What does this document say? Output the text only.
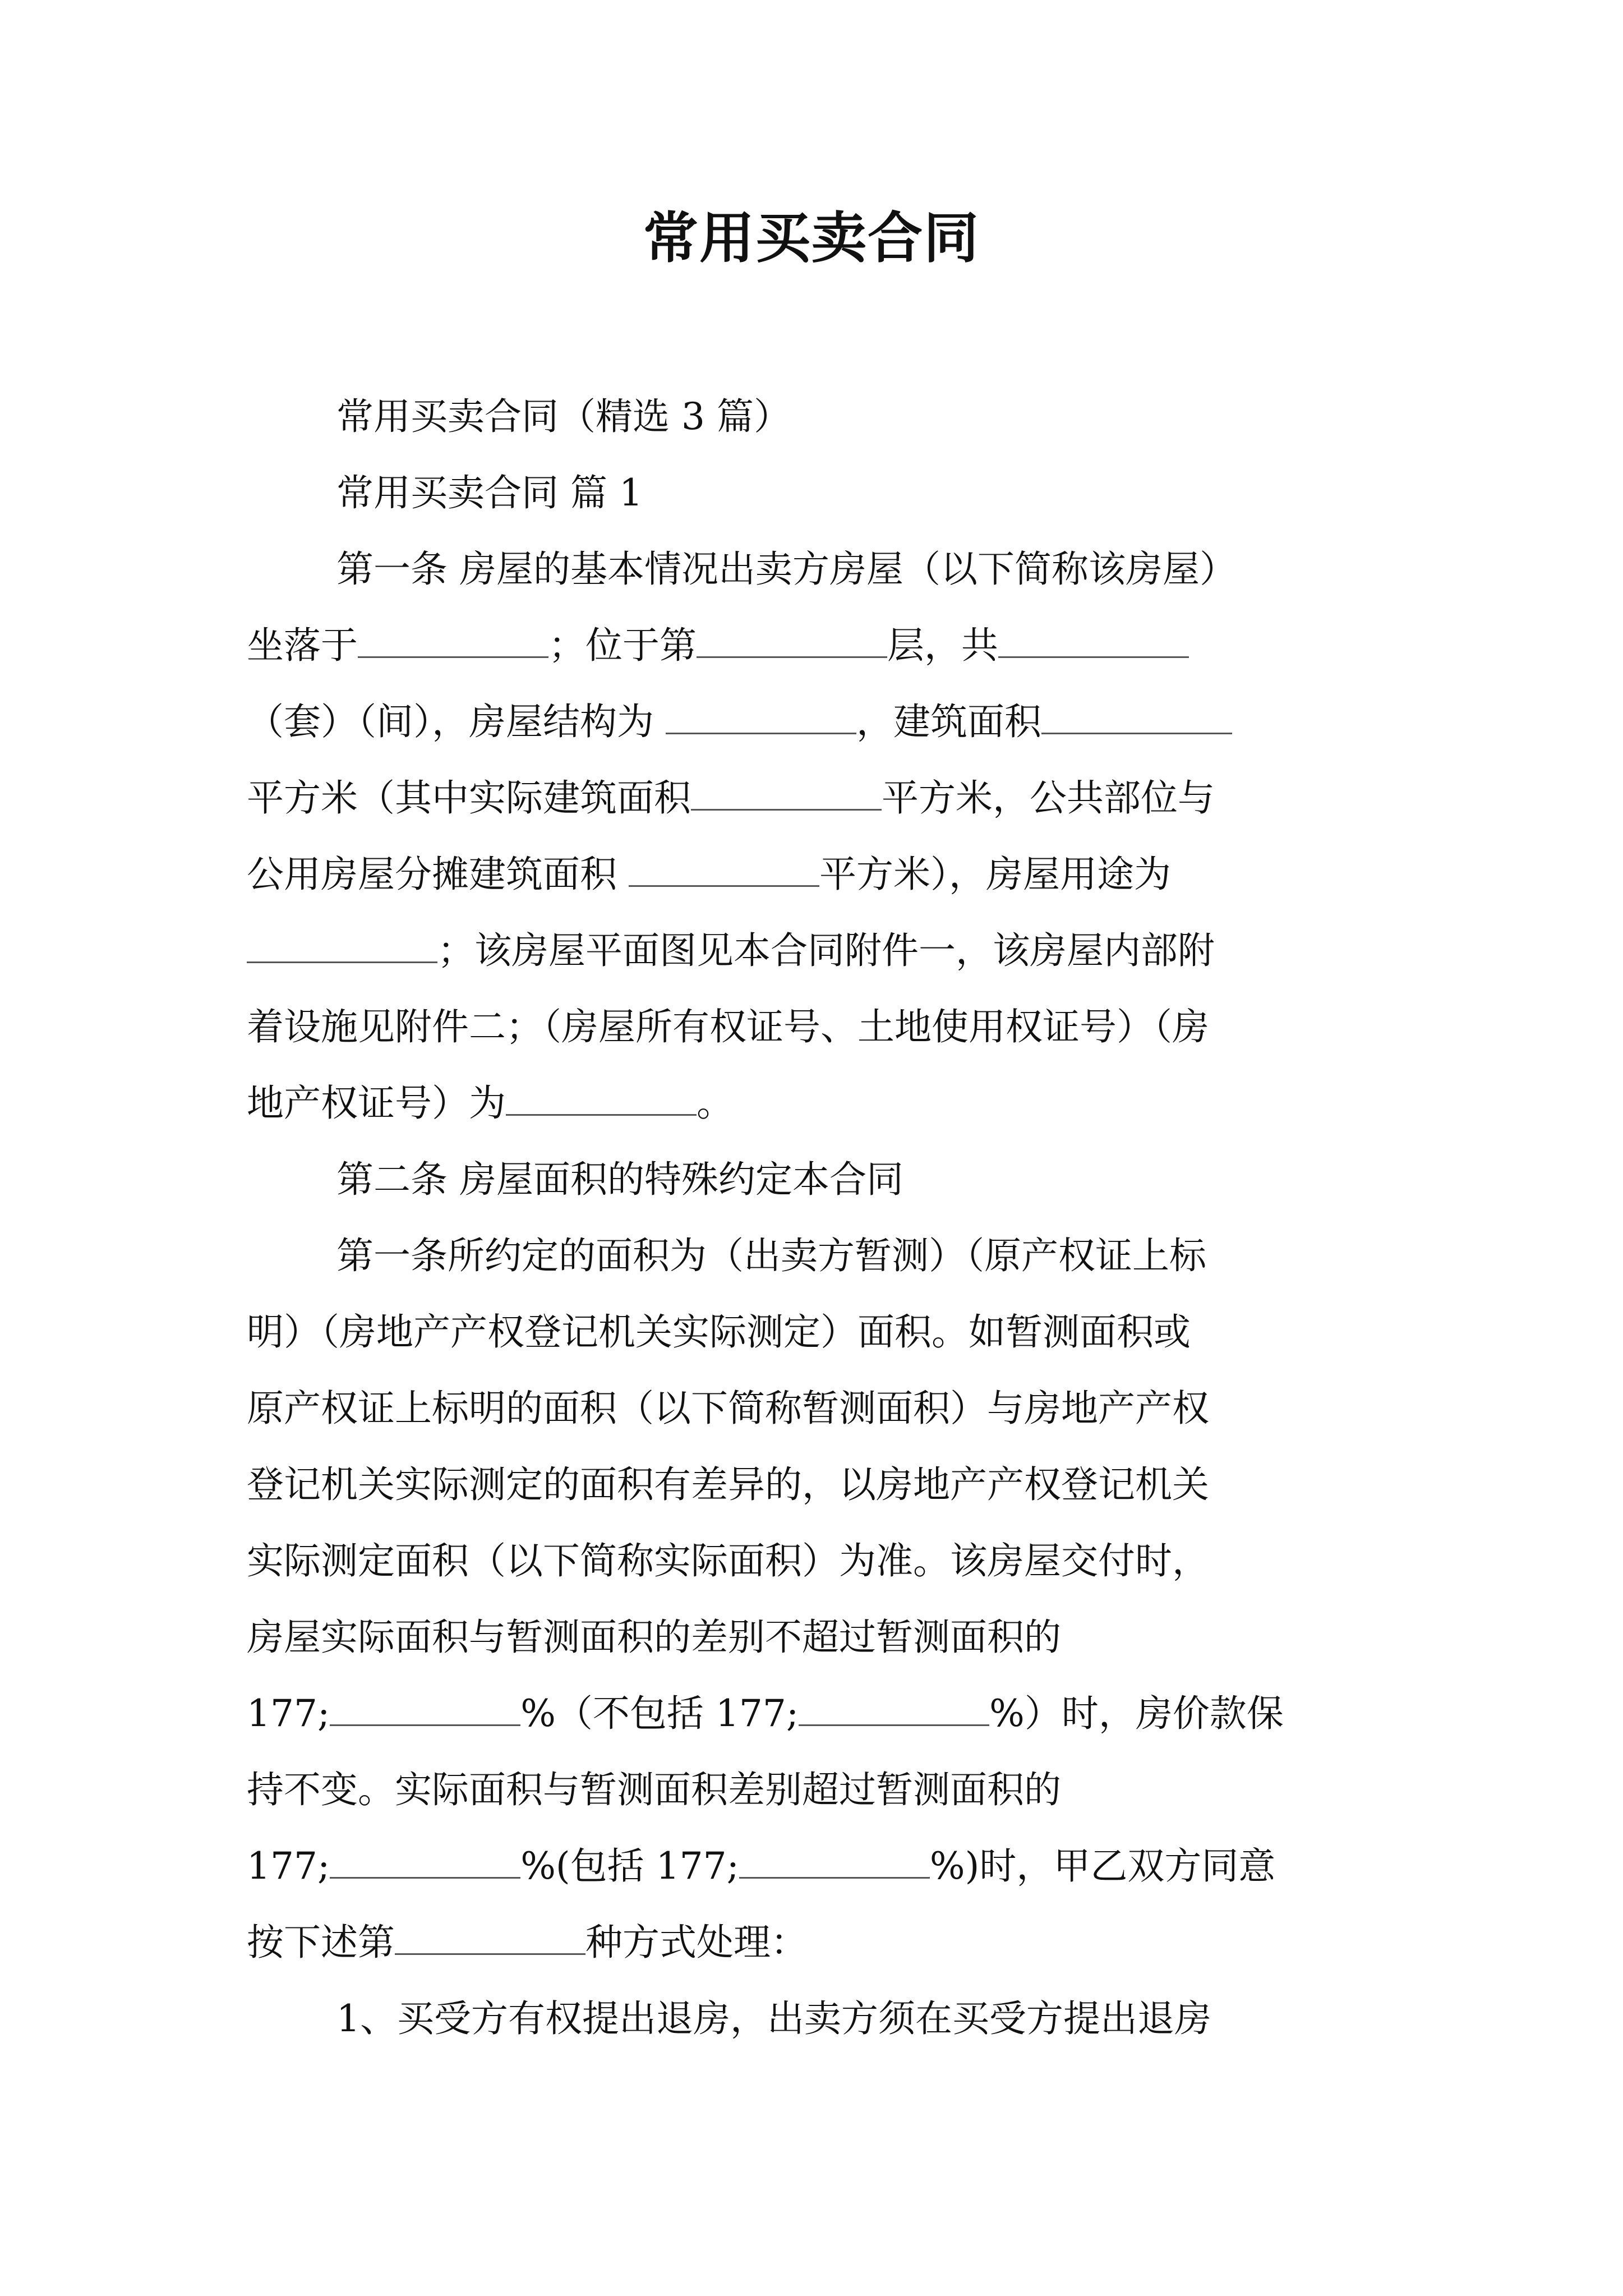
常用买卖合同

常用买卖合同（精选 3 篇）

常用买卖合同 篇 1

第一条 房屋的基本情况出卖方房屋（以下简称该房屋）

坐落于	；位于第	层，共

（套）（间），房屋结构为	，建筑面积

平方米（其中实际建筑面积	平方米，公共部位与

公用房屋分摊建筑面积	平方米），房屋用途为

；该房屋平面图见本合同附件一，该房屋内部附

着设施见附件二；（房屋所有权证号、土地使用权证号）（房

地产权证号）为	。

第二条 房屋面积的特殊约定本合同

第一条所约定的面积为（出卖方暂测）（原产权证上标

明）（房地产产权登记机关实际测定）面积。如暂测面积或

原产权证上标明的面积（以下简称暂测面积）与房地产产权

登记机关实际测定的面积有差异的，以房地产产权登记机关

实际测定面积（以下简称实际面积）为准。该房屋交付时，

房屋实际面积与暂测面积的差别不超过暂测面积的

177;	%（不包括 177;	%）时，房价款保

持不变。实际面积与暂测面积差别超过暂测面积的

177;	%(包括 177;	%)时，甲乙双方同意

按下述第	种方式处理：

1、买受方有权提出退房，出卖方须在买受方提出退房
